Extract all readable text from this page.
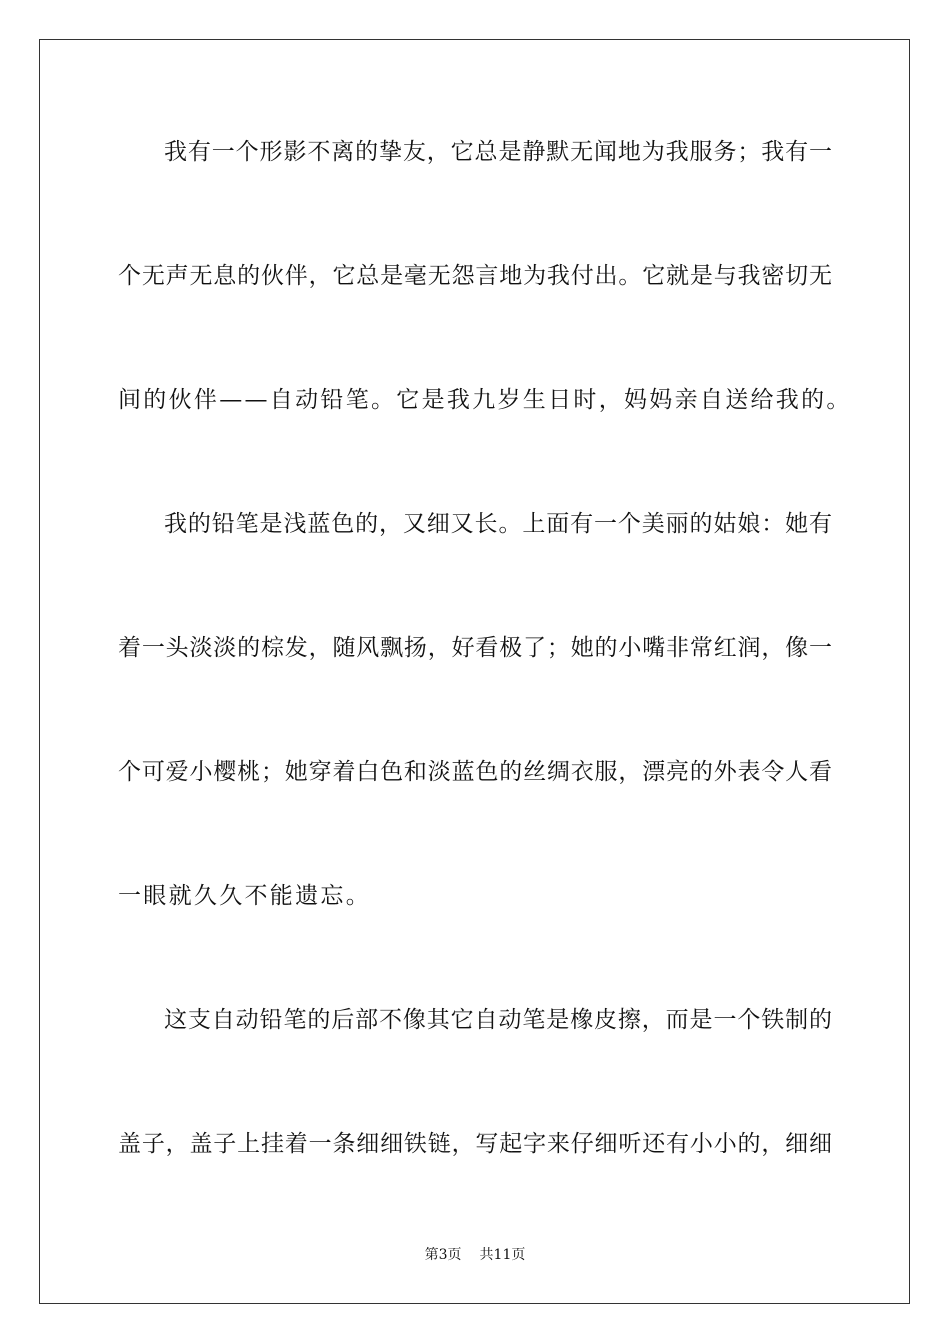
我有一个形影不离的挚友，它总是静默无闻地为我服务；我有一
个无声无息的伙伴，它总是毫无怨言地为我付出。它就是与我密切无
间的伙伴——自动铅笔。它是我九岁生日时，妈妈亲自送给我的。
我的铅笔是浅蓝色的，又细又长。上面有一个美丽的姑娘：她有
着一头淡淡的棕发，随风飘扬，好看极了；她的小嘴非常红润，像一
个可爱小樱桃；她穿着白色和淡蓝色的丝绸衣服，漂亮的外表令人看
一眼就久久不能遗忘。
这支自动铅笔的后部不像其它自动笔是橡皮擦，而是一个铁制的
盖子，盖子上挂着一条细细铁链，写起字来仔细听还有小小的，细细
第3页 共11页
